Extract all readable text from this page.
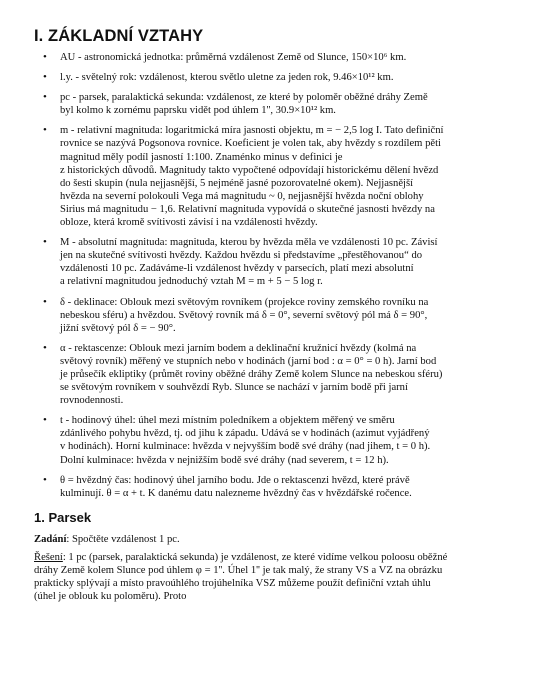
I. ZÁKLADNÍ VZTAHY
• AU - astronomická jednotka: průměrná vzdálenost Země od Slunce, 150×10⁶ km.
• l.y. - světelný rok: vzdálenost, kterou světlo uletne za jeden rok, 9.46×10¹² km.
• pc - parsek, paralaktická sekunda: vzdálenost, ze které by poloměr oběžné dráhy Země
byl kolmo k zornému paprsku vidět pod úhlem 1'', 30.9×10¹² km.
• m - relativní magnituda: logaritmická míra jasnosti objektu, m = − 2,5 log I. Tato definiční
rovnice se nazývá Pogsonova rovnice. Koeficient je volen tak, aby hvězdy s rozdílem pěti
magnitud měly podíl jasností 1:100. Znaménko minus v definici je
z historických důvodů. Magnitudy takto vypočtené odpovídají historickému dělení hvězd
do šesti skupin (nula nejjasnější, 5 nejméně jasné pozorovatelné okem). Nejjasnější
hvězda na severní polokouli Vega má magnitudu ~ 0, nejjasnější hvězda noční oblohy
Sirius má magnitudu − 1,6. Relativní magnituda vypovídá o skutečné jasnosti hvězdy na
obloze, která kromě svítivosti závisí i na vzdálenosti hvězdy.
• M - absolutní magnituda: magnituda, kterou by hvězda měla ve vzdálenosti 10 pc. Závisí
jen na skutečné svítivosti hvězdy. Každou hvězdu si představíme „přestěhovanou“ do
vzdálenosti 10 pc. Zadáváme-li vzdálenost hvězdy v parsecích, platí mezi absolutní
a relativní magnitudou jednoduchý vztah M = m + 5 − 5 log r.
• δ - deklinace: Oblouk mezi světovým rovníkem (projekce roviny zemského rovníku na
nebeskou sféru) a hvězdou. Světový rovník má δ = 0°, severní světový pól má δ = 90°,
jižní světový pól δ = − 90°.
• α - rektascenze: Oblouk mezi jarním bodem a deklinační kružnicí hvězdy (kolmá na
světový rovník) měřený ve stupních nebo v hodinách (jarní bod : α = 0° = 0 h). Jarní bod
je průsečík ekliptiky (průmět roviny oběžné dráhy Země kolem Slunce na nebeskou sféru)
se světovým rovníkem v souhvězdí Ryb. Slunce se nachází v jarním bodě při jarní
rovnodennosti.
• t - hodinový úhel: úhel mezi místním poledníkem a objektem měřený ve směru
zdánlivého pohybu hvězd, tj. od jihu k západu. Udává se v hodinách (azimut vyjádřený
v hodinách). Horní kulminace: hvězda v nejvyšším bodě své dráhy (nad jihem, t = 0 h).
Dolní kulminace: hvězda v nejnižším bodě své dráhy (nad severem, t = 12 h).
• θ = hvězdný čas: hodinový úhel jarního bodu. Jde o rektascenzi hvězd, které právě
kulminují. θ = α + t. K danému datu nalezneme hvězdný čas v hvězdářské ročence.
1. Parsek

Zadání: Spočtěte vzdálenost 1 pc.

Řešení: 1 pc (parsek, paralaktická sekunda) je vzdálenost, ze které vidíme velkou poloosu oběžné
dráhy Země kolem Slunce pod úhlem φ = 1''. Úhel 1'' je tak malý, že strany VS a VZ na obrázku
prakticky splývají a místo pravoúhlého trojúhelníka VSZ můžeme použít definiční vztah úhlu
(úhel je oblouk ku poloměru). Proto
